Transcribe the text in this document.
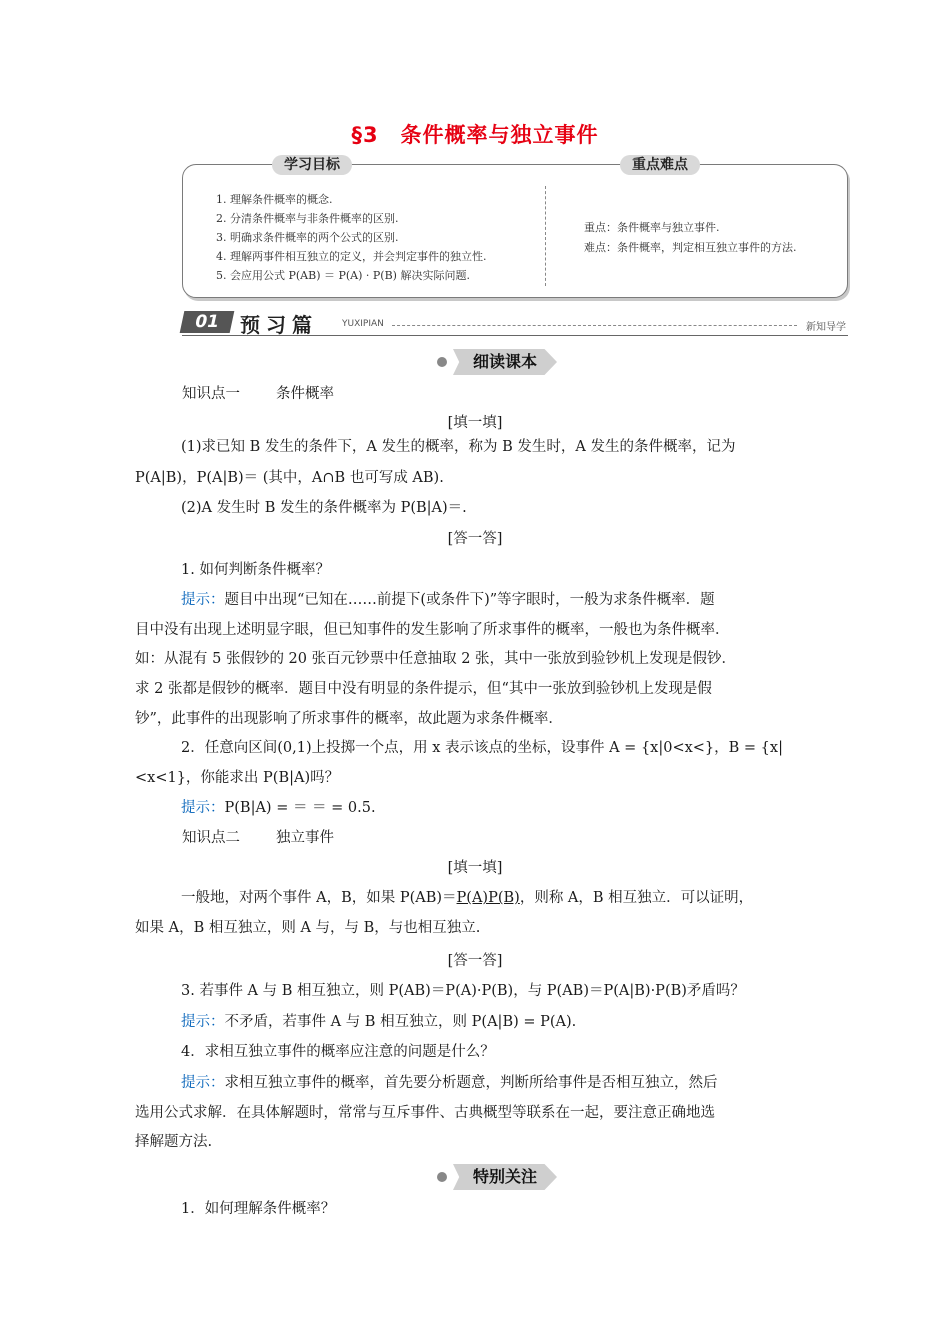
§3　条件概率与独立事件
学习目标	重点难点
1. 理解条件概率的概念.
2. 分清条件概率与非条件概率的区别.
3. 明确求条件概率的两个公式的区别.
4. 理解两事件相互独立的定义，并会判定事件的独立性.
5. 会应用公式 P(AB) ＝ P(A) · P(B) 解决实际问题.
重点：条件概率与独立事件.
难点：条件概率，判定相互独立事件的方法.
01 预习篇	YUXIPIAN	新知导学
细读课本
知识点一 条件概率
[填一填]
(1)求已知 B 发生的条件下，A 发生的概率，称为 B 发生时，A 发生的条件概率，记为
P(A|B)，P(A|B)＝ (其中，A∩B 也可写成 AB).
(2)A 发生时 B 发生的条件概率为 P(B|A)＝.
[答一答]
1. 如何判断条件概率？
提示：题目中出现“已知在……前提下(或条件下)”等字眼时，一般为求条件概率．题
目中没有出现上述明显字眼，但已知事件的发生影响了所求事件的概率，一般也为条件概率．
如：从混有 5 张假钞的 20 张百元钞票中任意抽取 2 张，其中一张放到验钞机上发现是假钞．
求 2 张都是假钞的概率．题目中没有明显的条件提示，但“其中一张放到验钞机上发现是假
钞”，此事件的出现影响了所求事件的概率，故此题为求条件概率．
2．任意向区间(0,1)上投掷一个点，用 x 表示该点的坐标，设事件 A = {x|0<x<}，B = {x|
<x<1}，你能求出 P(B|A)吗？
提示：P(B|A) = ＝ ＝ = 0.5.
知识点二 独立事件
[填一填]
一般地，对两个事件 A，B，如果 P(AB)＝P(A)P(B)，则称 A，B 相互独立．可以证明，
如果 A，B 相互独立，则 A 与，与 B，与也相互独立.
[答一答]
3. 若事件 A 与 B 相互独立，则 P(AB)＝P(A)·P(B)，与 P(AB)＝P(A|B)·P(B)矛盾吗？
提示：不矛盾，若事件 A 与 B 相互独立，则 P(A|B) = P(A).
4．求相互独立事件的概率应注意的问题是什么？
提示：求相互独立事件的概率，首先要分析题意，判断所给事件是否相互独立，然后
选用公式求解．在具体解题时，常常与互斥事件、古典概型等联系在一起，要注意正确地选
择解题方法.
特别关注
1．如何理解条件概率？
